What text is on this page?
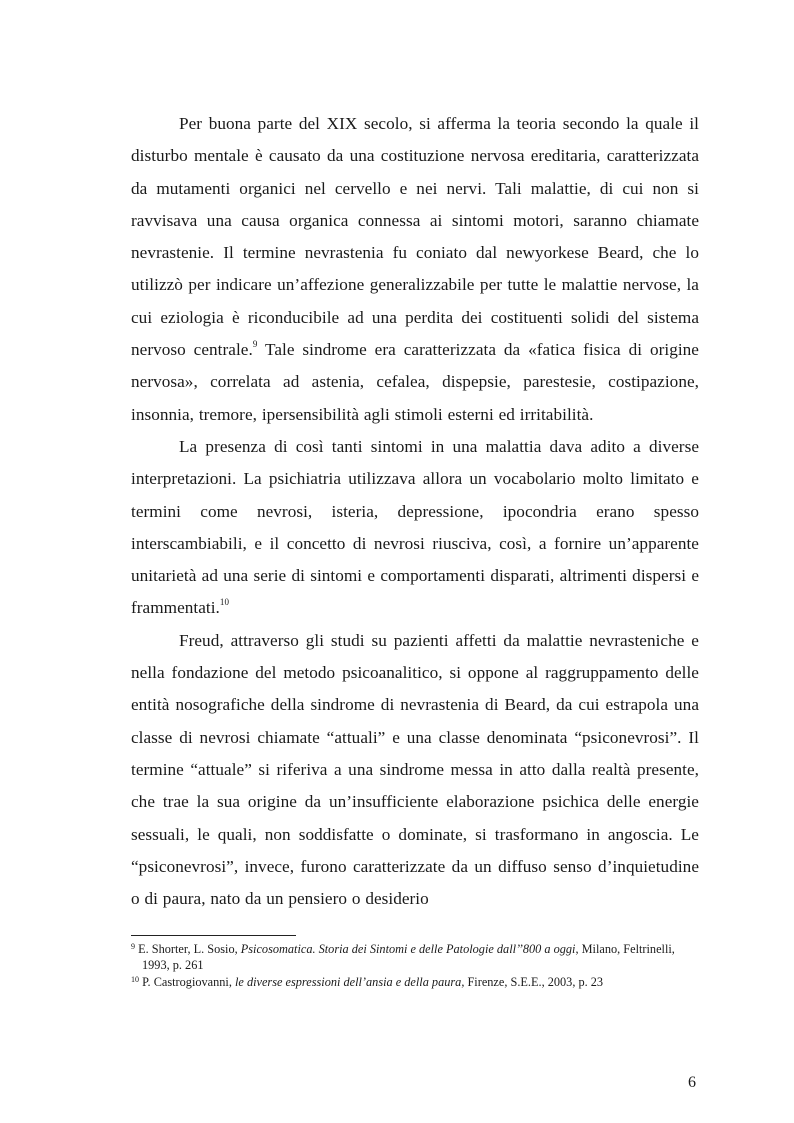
Per buona parte del XIX secolo, si afferma la teoria secondo la quale il disturbo mentale è causato da una costituzione nervosa ereditaria, caratterizzata da mutamenti organici nel cervello e nei nervi. Tali malattie, di cui non si ravvisava una causa organica connessa ai sintomi motori, saranno chiamate nevrastenie. Il termine nevrastenia fu coniato dal newyorkese Beard, che lo utilizzò per indicare un’affezione generalizzabile per tutte le malattie nervose, la cui eziologia è riconducibile ad una perdita dei costituenti solidi del sistema nervoso centrale.$^9$ Tale sindrome era caratterizzata da «fatica fisica di origine nervosa», correlata ad astenia, cefalea, dispepsie, parestesie, costipazione, insonnia, tremore, ipersensibilità agli stimoli esterni ed irritabilità.

La presenza di così tanti sintomi in una malattia dava adito a diverse interpretazioni. La psichiatria utilizzava allora un vocabolario molto limitato e termini come nevrosi, isteria, depressione, ipocondria erano spesso interscambiabili, e il concetto di nevrosi riusciva, così, a fornire un’apparente unitarietà ad una serie di sintomi e comportamenti disparati, altrimenti dispersi e frammentati.$^{10}$

Freud, attraverso gli studi su pazienti affetti da malattie nevrasteniche e nella fondazione del metodo psicoanalitico, si oppone al raggruppamento delle entità nosografiche della sindrome di nevrastenia di Beard, da cui estrapola una classe di nevrosi chiamate “attuali” e una classe denominata “psiconevrosi”. Il termine “attuale” si riferiva a una sindrome messa in atto dalla realtà presente, che trae la sua origine da un’insufficiente elaborazione psichica delle energie sessuali, le quali, non soddisfatte o dominate, si trasformano in angoscia. Le “psiconevrosi”, invece, furono caratterizzate da un diffuso senso d’inquietudine o di paura, nato da un pensiero o desiderio

$^9$ E. Shorter, L. Sosio, Psicosomatica. Storia dei Sintomi e delle Patologie dall’’800 a oggi, Milano, Feltrinelli, 1993, p. 261

$^{10}$ P. Castrogiovanni, le diverse espressioni dell’ansia e della paura, Firenze, S.E.E., 2003, p. 23

6
